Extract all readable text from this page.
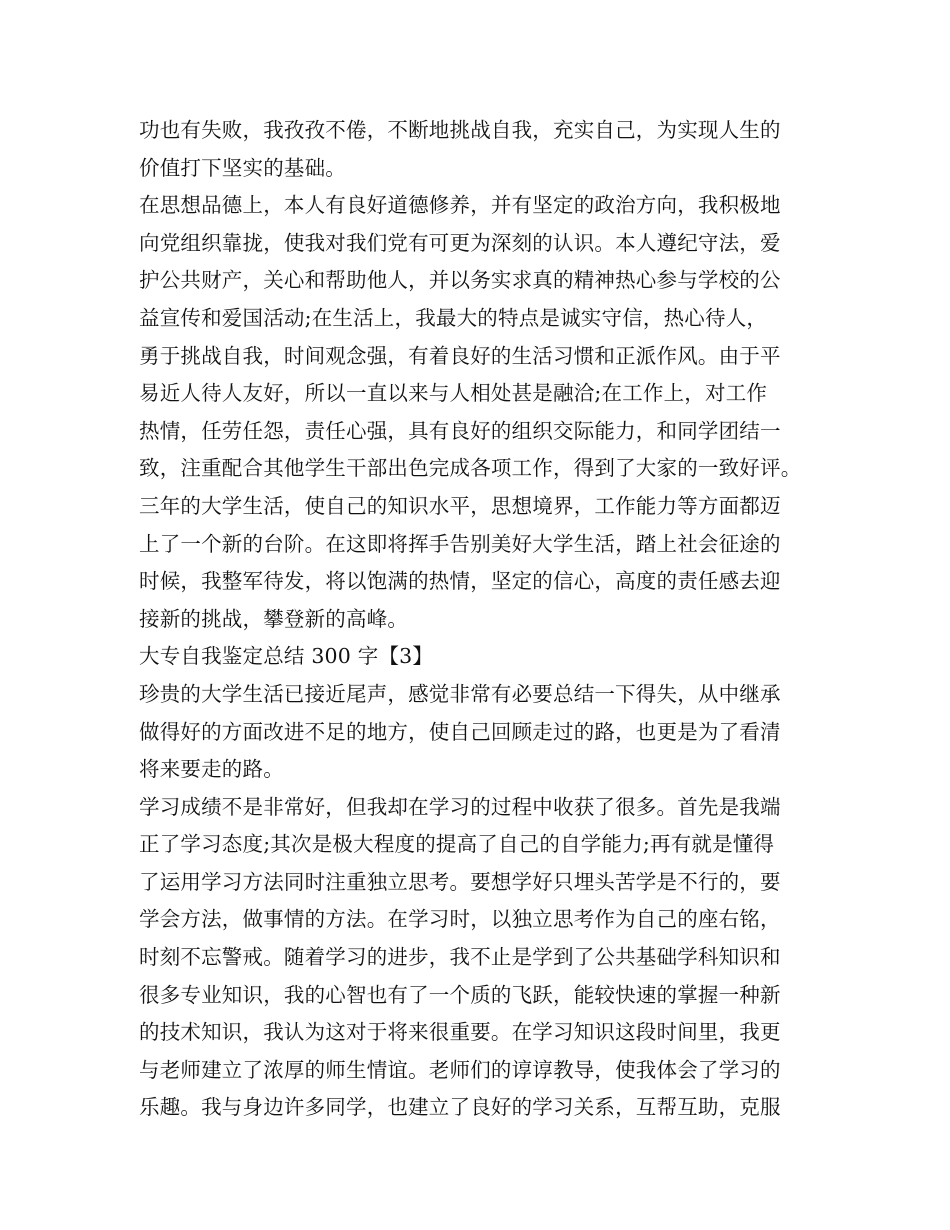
功也有失败，我孜孜不倦，不断地挑战自我，充实自己，为实现人生的
价值打下坚实的基础。
在思想品德上，本人有良好道德修养，并有坚定的政治方向，我积极地
向党组织靠拢，使我对我们党有可更为深刻的认识。本人遵纪守法，爱
护公共财产，关心和帮助他人，并以务实求真的精神热心参与学校的公
益宣传和爱国活动;在生活上，我最大的特点是诚实守信，热心待人，
勇于挑战自我，时间观念强，有着良好的生活习惯和正派作风。由于平
易近人待人友好，所以一直以来与人相处甚是融洽;在工作上，对工作
热情，任劳任怨，责任心强，具有良好的组织交际能力，和同学团结一
致，注重配合其他学生干部出色完成各项工作，得到了大家的一致好评。
三年的大学生活，使自己的知识水平，思想境界，工作能力等方面都迈
上了一个新的台阶。在这即将挥手告别美好大学生活，踏上社会征途的
时候，我整军待发，将以饱满的热情，坚定的信心，高度的责任感去迎
接新的挑战，攀登新的高峰。
大专自我鉴定总结 300 字【3】
珍贵的大学生活已接近尾声，感觉非常有必要总结一下得失，从中继承
做得好的方面改进不足的地方，使自己回顾走过的路，也更是为了看清
将来要走的路。
学习成绩不是非常好，但我却在学习的过程中收获了很多。首先是我端
正了学习态度;其次是极大程度的提高了自己的自学能力;再有就是懂得
了运用学习方法同时注重独立思考。要想学好只埋头苦学是不行的，要
学会方法，做事情的方法。在学习时，以独立思考作为自己的座右铭，
时刻不忘警戒。随着学习的进步，我不止是学到了公共基础学科知识和
很多专业知识，我的心智也有了一个质的飞跃，能较快速的掌握一种新
的技术知识，我认为这对于将来很重要。在学习知识这段时间里，我更
与老师建立了浓厚的师生情谊。老师们的谆谆教导，使我体会了学习的
乐趣。我与身边许多同学，也建立了良好的学习关系，互帮互助，克服
